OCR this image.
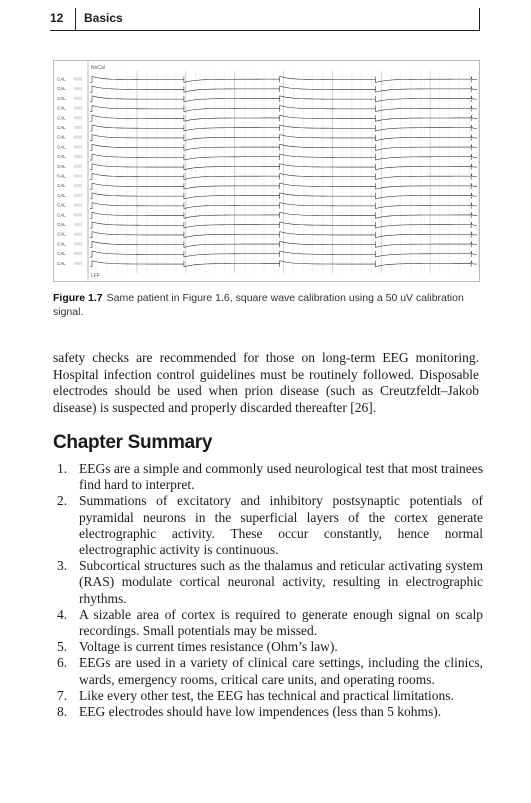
12 Basics
NoCal
LFF
CAL
CAL
CAL
CAL
CAL
CAL
CAL
CAL
CAL
CAL
CAL
CAL
CAL
CAL
CAL
CAL
CAL
CAL
CAL
CAL
Figure 1.7 Same patient in Figure 1.6, square wave calibration using a 50 uV calibration signal.
safety checks are recommended for those on long-term EEG monitoring. Hospital infection control guidelines must be routinely followed. Disposable electrodes should be used when prion disease (such as Creutzfeldt–Jakob disease) is suspected and properly discarded thereafter [26].
Chapter Summary
1. EEGs are a simple and commonly used neurological test that most trainees find hard to interpret.
2. Summations of excitatory and inhibitory postsynaptic potentials of pyramidal neurons in the superficial layers of the cortex generate electrographic activity. These occur constantly, hence normal electrographic activity is continuous.
3. Subcortical structures such as the thalamus and reticular activating system (RAS) modulate cortical neuronal activity, resulting in electrographic rhythms.
4. A sizable area of cortex is required to generate enough signal on scalp recordings. Small potentials may be missed.
5. Voltage is current times resistance (Ohm’s law).
6. EEGs are used in a variety of clinical care settings, including the clinics, wards, emergency rooms, critical care units, and operating rooms.
7. Like every other test, the EEG has technical and practical limitations.
8. EEG electrodes should have low impendences (less than 5 kohms).
